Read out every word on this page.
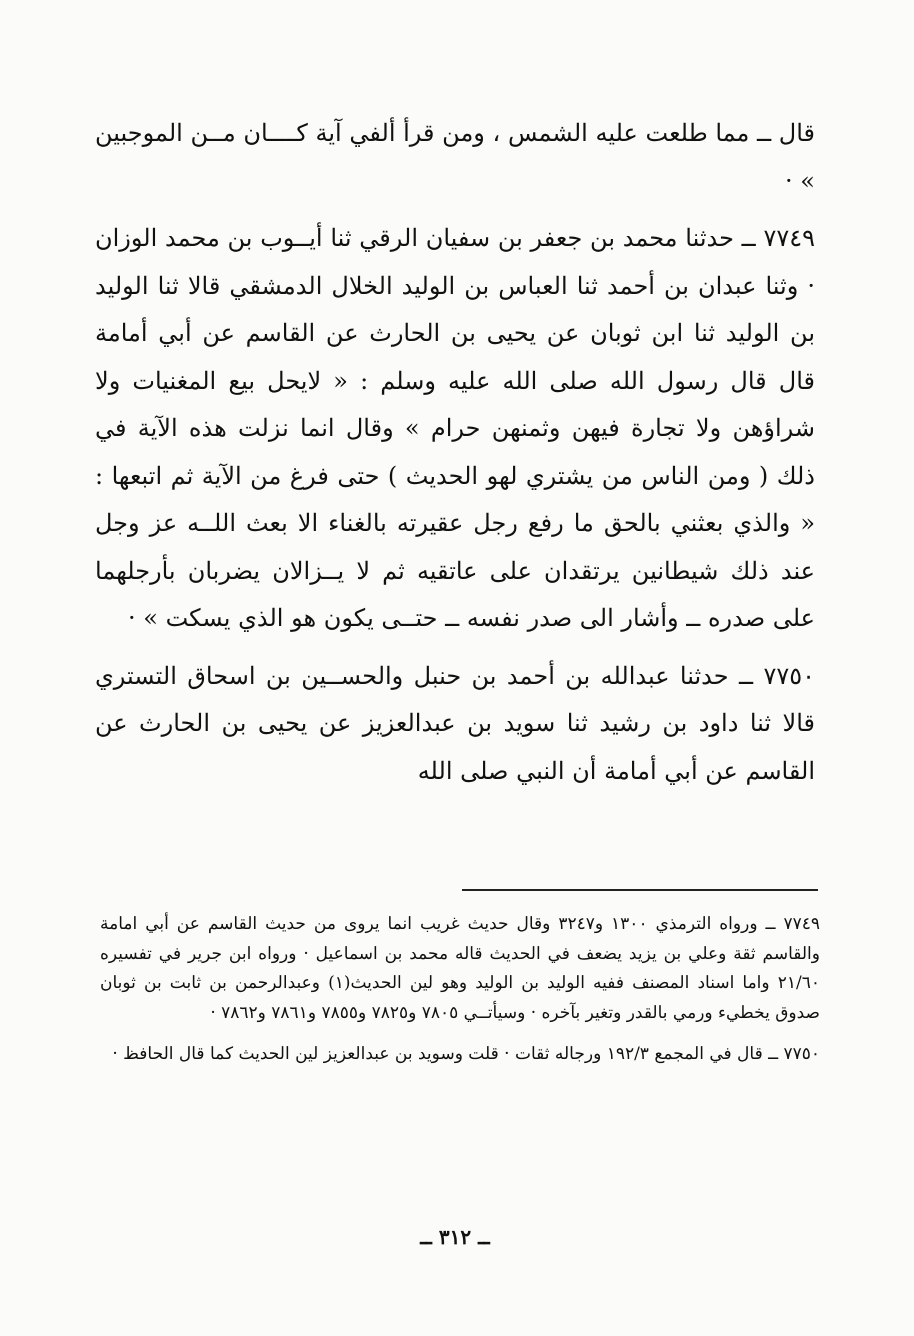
قال ــ مما طلعت عليه الشمس ، ومن قرأ ألفي آية كــــان مــن الموجبين » ·

٧٧٤٩ ــ حدثنا محمد بن جعفر بن سفيان الرقي ثنا أيــوب بن محمد الوزان · وثنا عبدان بن أحمد ثنا العباس بن الوليد الخلال الدمشقي قالا ثنا الوليد بن الوليد ثنا ابن ثوبان عن يحيى بن الحارث عن القاسم عن أبي أمامة قال قال رسول الله صلى الله عليه وسلم : « لايحل بيع المغنيات ولا شراؤهن ولا تجارة فيهن وثمنهن حرام » وقال انما نزلت هذه الآية في ذلك ( ومن الناس من يشتري لهو الحديث ) حتى فرغ من الآية ثم اتبعها : « والذي بعثني بالحق ما رفع رجل عقيرته بالغناء الا بعث اللــه عز وجل عند ذلك شيطانين يرتقدان على عاتقيه ثم لا يــزالان يضربان بأرجلهما على صدره ــ وأشار الى صدر نفسه ــ حتــى يكون هو الذي يسكت » ·

٧٧٥٠ ــ حدثنا عبدالله بن أحمد بن حنبل والحســين بن اسحاق التستري قالا ثنا داود بن رشيد ثنا سويد بن عبدالعزيز عن يحيى بن الحارث عن القاسم عن أبي أمامة أن النبي صلى الله

٧٧٤٩ ــ ورواه الترمذي ١٣٠٠ و٣٢٤٧ وقال حديث غريب انما يروى من حديث القاسم عن أبي امامة والقاسم ثقة وعلي بن يزيد يضعف في الحديث قاله محمد بن اسماعيل · ورواه ابن جرير في تفسيره ٢١/٦٠ واما اسناد المصنف ففيه الوليد بن الوليد وهو لين الحديث(١) وعبدالرحمن بن ثابت بن ثوبان صدوق يخطيء ورمي بالقدر وتغير بآخره · وسيأتــي ٧٨٠٥ و٧٨٢٥ و٧٨٥٥ و٧٨٦١ و٧٨٦٢ ·

٧٧٥٠ ــ قال في المجمع ١٩٢/٣ ورجاله ثقات · قلت وسويد بن عبدالعزيز لين الحديث كما قال الحافظ ·

ــ ٣١٢ ــ
